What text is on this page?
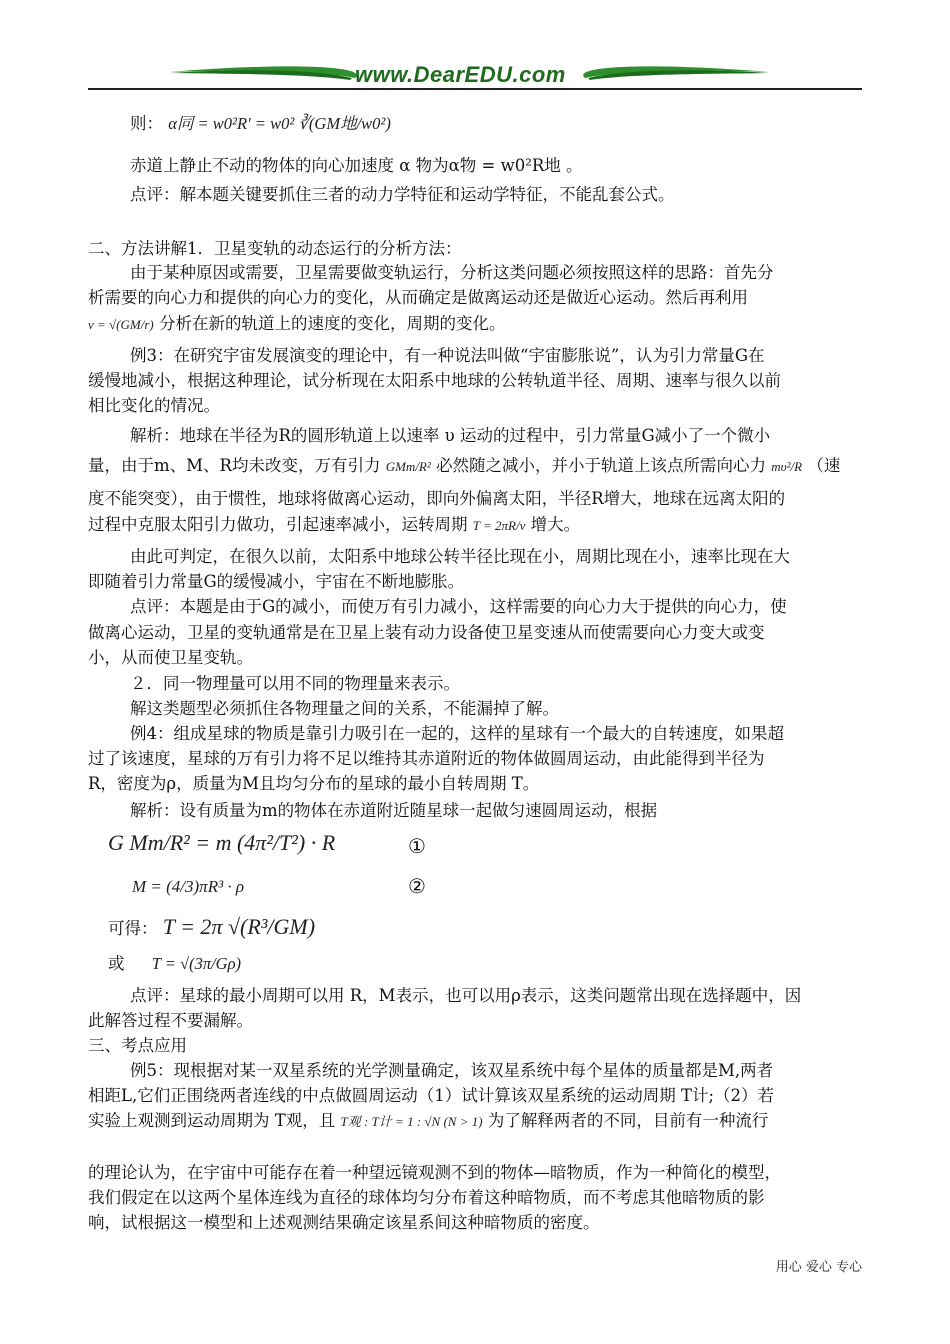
www.DearEDU.com
则： α同 = w0²R′ = w0² ∛(GM地/w0²)
赤道上静止不动的物体的向心加速度 α 物为α物 = w0²R地 。
点评：解本题关键要抓住三者的动力学特征和运动学特征，不能乱套公式。
二、方法讲解1．卫星变轨的动态运行的分析方法：
由于某种原因或需要，卫星需要做变轨运行，分析这类问题必须按照这样的思路：首先分
析需要的向心力和提供的向心力的变化，从而确定是做离运动还是做近心运动。然后再利用
v = √(GM/r) 分析在新的轨道上的速度的变化，周期的变化。
例3：在研究宇宙发展演变的理论中，有一种说法叫做“宇宙膨胀说”，认为引力常量G在
缓慢地减小，根据这种理论，试分析现在太阳系中地球的公转轨道半径、周期、速率与很久以前
相比变化的情况。
解析：地球在半径为R的圆形轨道上以速率 υ 运动的过程中，引力常量G减小了一个微小
量，由于m、M、R均未改变，万有引力 GMm/R² 必然随之减小，并小于轨道上该点所需向心力 mυ²/R （速
度不能突变），由于惯性，地球将做离心运动，即向外偏离太阳，半径R增大，地球在远离太阳的
过程中克服太阳引力做功，引起速率减小，运转周期 T = 2πR/v 增大。
由此可判定，在很久以前，太阳系中地球公转半径比现在小，周期比现在小，速率比现在大
即随着引力常量G的缓慢减小，宇宙在不断地膨胀。
点评：本题是由于G的减小，而使万有引力减小，这样需要的向心力大于提供的向心力，使
做离心运动，卫星的变轨通常是在卫星上装有动力设备使卫星变速从而使需要向心力变大或变
小，从而使卫星变轨。
２．同一物理量可以用不同的物理量来表示。
解这类题型必须抓住各物理量之间的关系，不能漏掉了解。
例4：组成星球的物质是靠引力吸引在一起的，这样的星球有一个最大的自转速度，如果超
过了该速度，星球的万有引力将不足以维持其赤道附近的物体做圆周运动，由此能得到半径为
R，密度为ρ，质量为M且均匀分布的星球的最小自转周期 T。
解析：设有质量为m的物体在赤道附近随星球一起做匀速圆周运动，根据
G Mm/R² = m (4π²/T²) · R	①
M = (4/3)πR³ · ρ	②
可得： T = 2π √(R³/GM)
或 T = √(3π/Gρ)
点评：星球的最小周期可以用 R，M表示，也可以用ρ表示，这类问题常出现在选择题中，因
此解答过程不要漏解。
三、考点应用
例5：现根据对某一双星系统的光学测量确定，该双星系统中每个星体的质量都是M,两者
相距L,它们正围绕两者连线的中点做圆周运动（1）试计算该双星系统的运动周期 T计;（2）若
实验上观测到运动周期为 T观，且 T观 : T计 = 1 : √N (N > 1) 为了解释两者的不同，目前有一种流行
的理论认为，在宇宙中可能存在着一种望远镜观测不到的物体—暗物质，作为一种简化的模型，
我们假定在以这两个星体连线为直径的球体均匀分布着这种暗物质，而不考虑其他暗物质的影
响，试根据这一模型和上述观测结果确定该星系间这种暗物质的密度。
用心 爱心 专心
